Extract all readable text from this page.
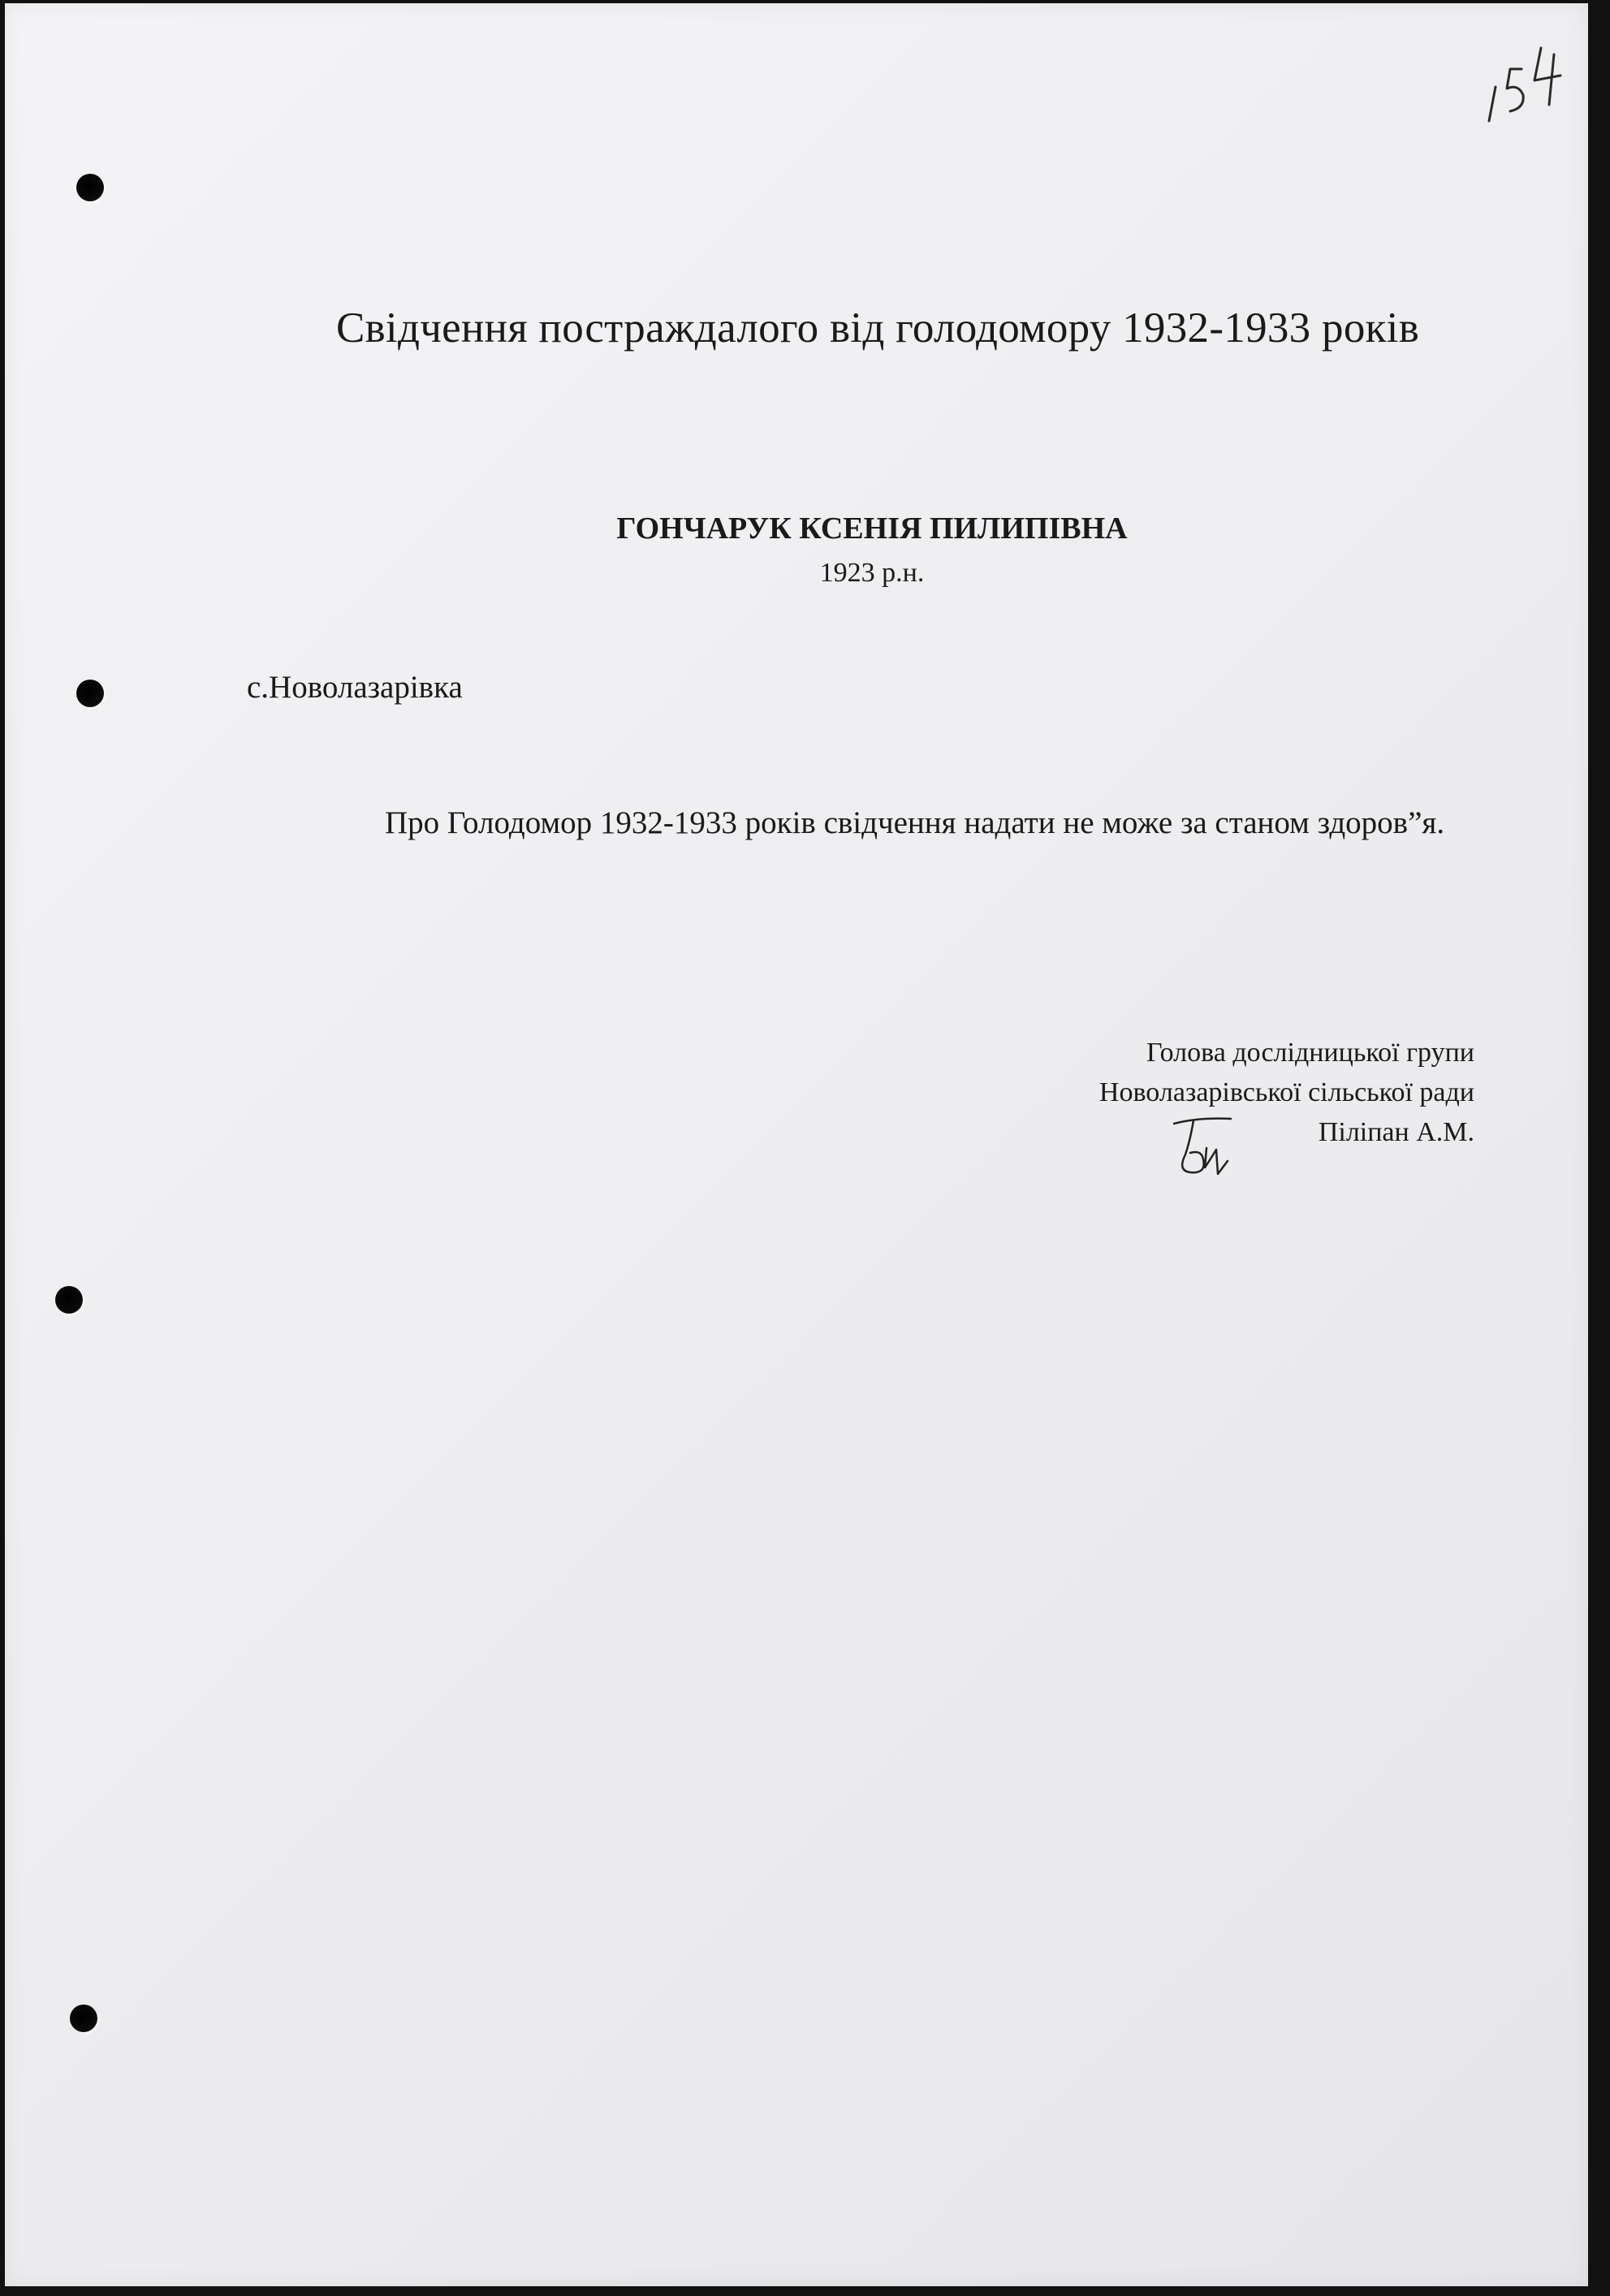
Свідчення постраждалого від голодомору 1932-1933 років
ГОНЧАРУК КСЕНІЯ ПИЛИПІВНА
1923 р.н.
с.Новолазарівка
Про Голодомор 1932-1933 років свідчення надати не може за станом здоров”я.
Голова дослідницької групи
Новолазарівської сільської ради
Піліпан А.М.
